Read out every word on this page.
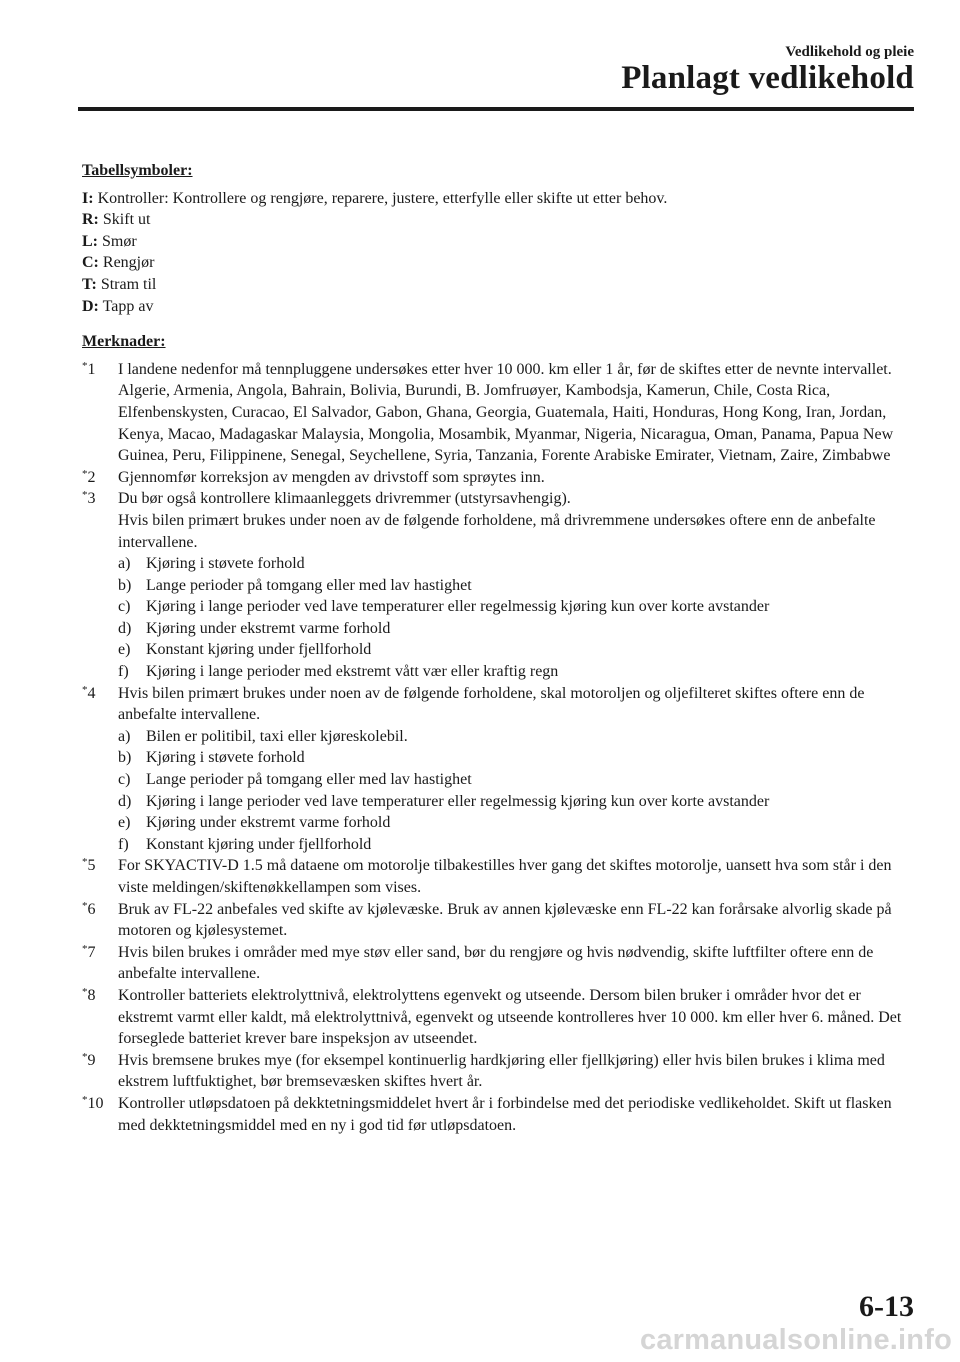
Vedlikehold og pleie
Planlagt vedlikehold
Tabellsymboler:
I: Kontroller: Kontrollere og rengjøre, reparere, justere, etterfylle eller skifte ut etter behov.
R: Skift ut
L: Smør
C: Rengjør
T: Stram til
D: Tapp av
Merknader:
*1 I landene nedenfor må tennpluggene undersøkes etter hver 10 000. km eller 1 år, før de skiftes etter de nevnte intervallet.
Algerie, Armenia, Angola, Bahrain, Bolivia, Burundi, B. Jomfruøyer, Kambodsja, Kamerun, Chile, Costa Rica, Elfenbenskysten, Curacao, El Salvador, Gabon, Ghana, Georgia, Guatemala, Haiti, Honduras, Hong Kong, Iran, Jordan, Kenya, Macao, Madagaskar Malaysia, Mongolia, Mosambik, Myanmar, Nigeria, Nicaragua, Oman, Panama, Papua New Guinea, Peru, Filippinene, Senegal, Seychellene, Syria, Tanzania, Forente Arabiske Emirater, Vietnam, Zaire, Zimbabwe
*2 Gjennomfør korreksjon av mengden av drivstoff som sprøytes inn.
*3 Du bør også kontrollere klimaanleggets drivremmer (utstyrsavhengig).
Hvis bilen primært brukes under noen av de følgende forholdene, må drivremmene undersøkes oftere enn de anbefalte intervallene.
a) Kjøring i støvete forhold
b) Lange perioder på tomgang eller med lav hastighet
c) Kjøring i lange perioder ved lave temperaturer eller regelmessig kjøring kun over korte avstander
d) Kjøring under ekstremt varme forhold
e) Konstant kjøring under fjellforhold
f) Kjøring i lange perioder med ekstremt vått vær eller kraftig regn
*4 Hvis bilen primært brukes under noen av de følgende forholdene, skal motoroljen og oljefilteret skiftes oftere enn de anbefalte intervallene.
a) Bilen er politibil, taxi eller kjøreskolebil.
b) Kjøring i støvete forhold
c) Lange perioder på tomgang eller med lav hastighet
d) Kjøring i lange perioder ved lave temperaturer eller regelmessig kjøring kun over korte avstander
e) Kjøring under ekstremt varme forhold
f) Konstant kjøring under fjellforhold
*5 For SKYACTIV-D 1.5 må dataene om motorolje tilbakestilles hver gang det skiftes motorolje, uansett hva som står i den viste meldingen/skiftenøkkellampen som vises.
*6 Bruk av FL-22 anbefales ved skifte av kjølevæske. Bruk av annen kjølevæske enn FL-22 kan forårsake alvorlig skade på motoren og kjølesystemet.
*7 Hvis bilen brukes i områder med mye støv eller sand, bør du rengjøre og hvis nødvendig, skifte luftfilter oftere enn de anbefalte intervallene.
*8 Kontroller batteriets elektrolyttnivå, elektrolyttens egenvekt og utseende. Dersom bilen bruker i områder hvor det er ekstremt varmt eller kaldt, må elektrolyttnivå, egenvekt og utseende kontrolleres hver 10 000. km eller hver 6. måned. Det forseglede batteriet krever bare inspeksjon av utseendet.
*9 Hvis bremsene brukes mye (for eksempel kontinuerlig hardkjøring eller fjellkjøring) eller hvis bilen brukes i klima med ekstrem luftfuktighet, bør bremsevæsken skiftes hvert år.
*10 Kontroller utløpsdatoen på dekktetningsmiddelet hvert år i forbindelse med det periodiske vedlikeholdet. Skift ut flasken med dekktetningsmiddel med en ny i god tid før utløpsdatoen.
6-13
carmanualsonline.info
